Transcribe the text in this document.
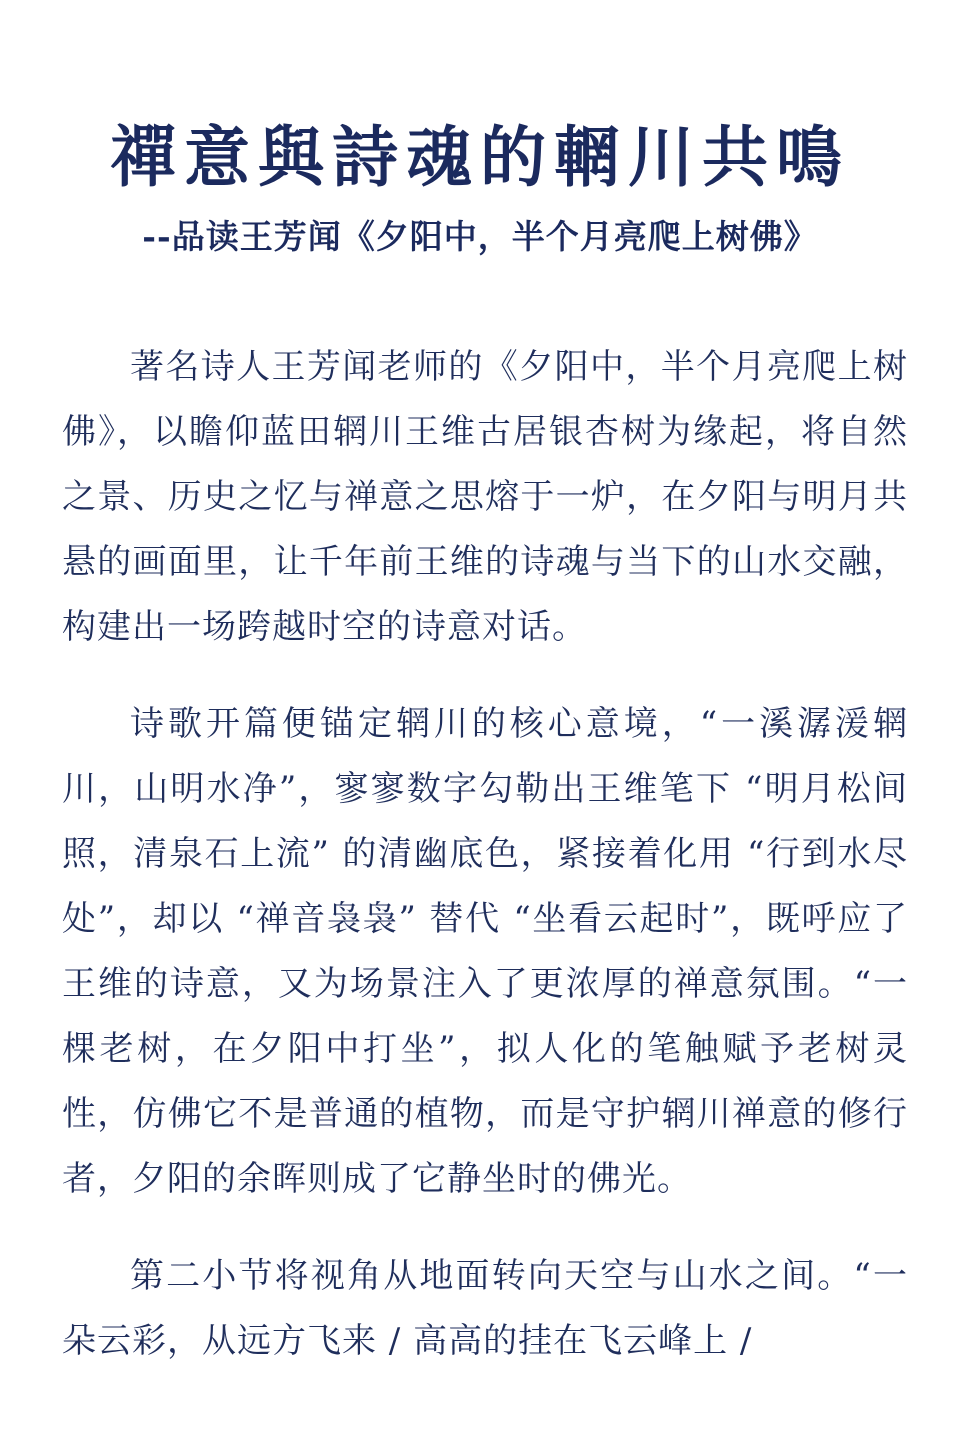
禪意與詩魂的輞川共鳴
--品读王芳闻《夕阳中，半个月亮爬上树佛》

著名诗人王芳闻老师的《夕阳中，半个月亮爬上树佛》，以瞻仰蓝田辋川王维古居银杏树为缘起，将自然之景、历史之忆与禅意之思熔于一炉，在夕阳与明月共悬的画面里，让千年前王维的诗魂与当下的山水交融，构建出一场跨越时空的诗意对话。

诗歌开篇便锚定辋川的核心意境，“一溪潺湲辋川，山明水净”，寥寥数字勾勒出王维笔下 “明月松间照，清泉石上流” 的清幽底色，紧接着化用 “行到水尽处”，却以 “禅音袅袅” 替代 “坐看云起时”，既呼应了王维的诗意，又为场景注入了更浓厚的禅意氛围。“一棵老树，在夕阳中打坐”，拟人化的笔触赋予老树灵性，仿佛它不是普通的植物，而是守护辋川禅意的修行者，夕阳的余晖则成了它静坐时的佛光。

第二小节将视角从地面转向天空与山水之间。“一朵云彩，从远方飞来 / 高高的挂在飞云峰上 /
